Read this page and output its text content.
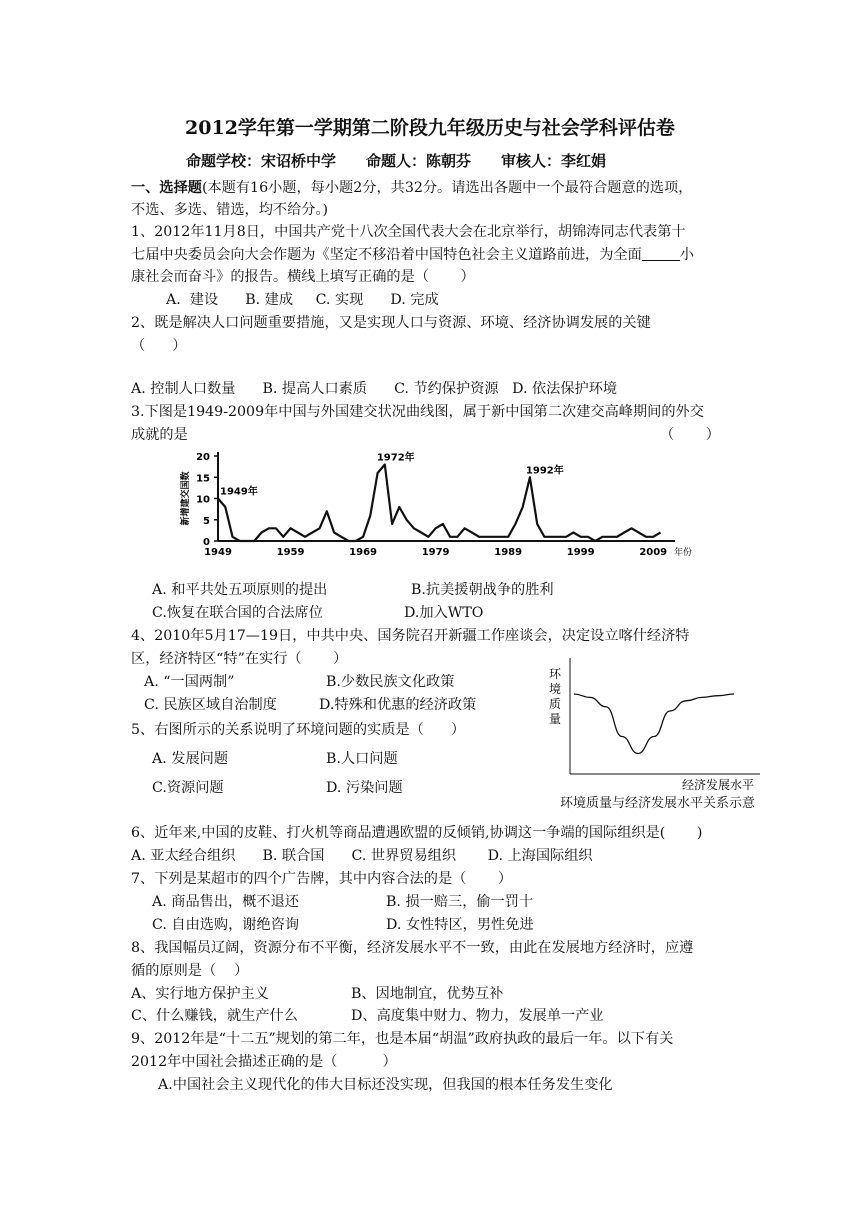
2012学年第一学期第二阶段九年级历史与社会学科评估卷
命题学校：宋诏桥中学 命题人：陈朝芬 审核人：李红娟
一、选择题(本题有16小题，每小题2分，共32分。请选出各题中一个最符合题意的选项，
不选、多选、错选，均不给分。)
1、2012年11月8日，中国共产党十八次全国代表大会在北京举行，胡锦涛同志代表第十
七届中央委员会向大会作题为《坚定不移沿着中国特色社会主义道路前进，为全面	小
康社会而奋斗》的报告。横线上填写正确的是（       ）
A.  建设      B. 建成     C. 实现      D. 完成
2、既是解决人口问题重要措施，又是实现人口与资源、环境、经济协调发展的关键
（      ）
A. 控制人口数量      B. 提高人口素质      C. 节约保护资源   D. 依法保护环境
3.下图是1949-2009年中国与外国建交状况曲线图，属于新中国第二次建交高峰期间的外交
成就的是	（       ）
0
5
10
15
20
新增建交国数
1949	1959	1969	1979	1989	1999	2009 年份
1949年
1972年
1992年
A. 和平共处五项原则的提出	B.抗美援朝战争的胜利
C.恢复在联合国的合法席位	D.加入WTO
4、2010年5月17—19日，中共中央、国务院召开新疆工作座谈会，决定设立喀什经济特
区，经济特区“特”在实行（       ）
A. “一国两制”	B.少数民族文化政策
C. 民族区域自治制度	D.特殊和优惠的经济政策
5、右图所示的关系说明了环境问题的实质是（      ）
A. 发展问题	B.人口问题
C.资源问题	D. 污染问题
环
境
质
量
经济发展水平
环境质量与经济发展水平关系示意
6、近年来,中国的皮鞋、打火机等商品遭遇欧盟的反倾销,协调这一争端的国际组织是(       )
A. 亚太经合组织      B. 联合国      C. 世界贸易组织       D. 上海国际组织
7、下列是某超市的四个广告牌，其中内容合法的是（       ）
A. 商品售出，概不退还	B. 损一赔三，偷一罚十
C. 自由选购，谢绝咨询	D. 女性特区，男性免进
8、我国幅员辽阔，资源分布不平衡，经济发展水平不一致，由此在发展地方经济时，应遵
循的原则是（    ）
A、实行地方保护主义	B、因地制宜，优势互补
C、什么赚钱，就生产什么	D、高度集中财力、物力，发展单一产业
9、2012年是“十二五”规划的第二年，也是本届“胡温”政府执政的最后一年。以下有关
2012年中国社会描述正确的是（          ）
A.中国社会主义现代化的伟大目标还没实现，但我国的根本任务发生变化
